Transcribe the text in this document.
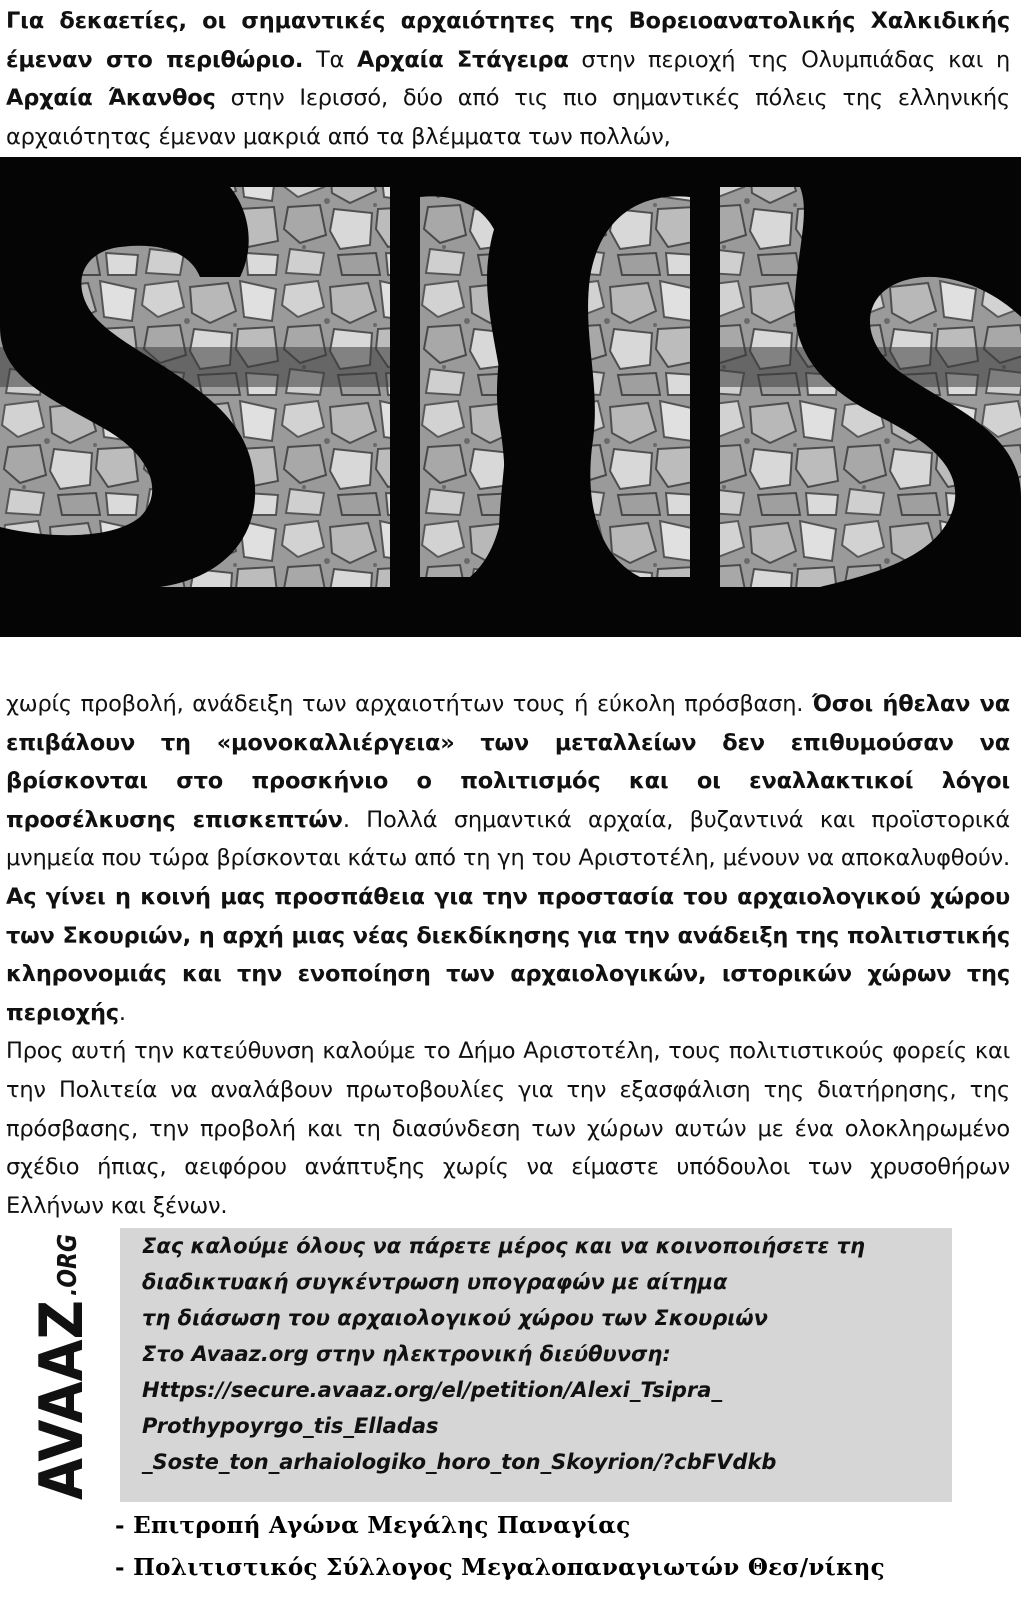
Για δεκαετίες, οι σημαντικές αρχαιότητες της Βορειοανατολικής Χαλκιδικής έμεναν στο περιθώριο. Τα Αρχαία Στάγειρα στην περιοχή της Ολυμπιάδας και η Αρχαία Άκανθος στην Ιερισσό, δύο από τις πιο σημαντικές πόλεις της ελληνικής αρχαιότητας έμεναν μακριά από τα βλέμματα των πολλών,

χωρίς προβολή, ανάδειξη των αρχαιοτήτων τους ή εύκολη πρόσβαση. Όσοι ήθελαν να επιβάλουν τη «μονοκαλλιέργεια» των μεταλλείων δεν επιθυμούσαν να βρίσκονται στο προσκήνιο ο πολιτισμός και οι εναλλακτικοί λόγοι προσέλκυσης επισκεπτών. Πολλά σημαντικά αρχαία, βυζαντινά και προϊστορικά μνημεία που τώρα βρίσκονται κάτω από τη γη του Αριστοτέλη, μένουν να αποκαλυφθούν. Ας γίνει η κοινή μας προσπάθεια για την προστασία του αρχαιολογικού χώρου των Σκουριών, η αρχή μιας νέας διεκδίκησης για την ανάδειξη της πολιτιστικής κληρονομιάς και την ενοποίηση των αρχαιολογικών, ιστορικών χώρων της περιοχής.
Προς αυτή την κατεύθυνση καλούμε το Δήμο Αριστοτέλη, τους πολιτιστικούς φορείς και την Πολιτεία να αναλάβουν πρωτοβουλίες για την εξασφάλιση της διατήρησης, της πρόσβασης, την προβολή και τη διασύνδεση των χώρων αυτών με ένα ολοκληρωμένο σχέδιο ήπιας, αειφόρου ανάπτυξης χωρίς να είμαστε υπόδουλοι των χρυσοθήρων Ελλήνων και ξένων.

AVAAZ
.ORG	Σας καλούμε όλους να πάρετε μέρος και να κοινοποιήσετε τη
διαδικτυακή συγκέντρωση υπογραφών με αίτημα
τη διάσωση του αρχαιολογικού χώρου των Σκουριών
Στο Avaaz.org στην ηλεκτρονική διεύθυνση:
Https://secure.avaaz.org/el/petition/Alexi_Tsipra_
Prothypoyrgo_tis_Elladas
_Soste_ton_arhaiologiko_horo_ton_Skoyrion/?cbFVdkb
- Επιτροπή Αγώνα Μεγάλης Παναγίας
- Πολιτιστικός Σύλλογος Μεγαλοπαναγιωτών Θεσ/νίκης
